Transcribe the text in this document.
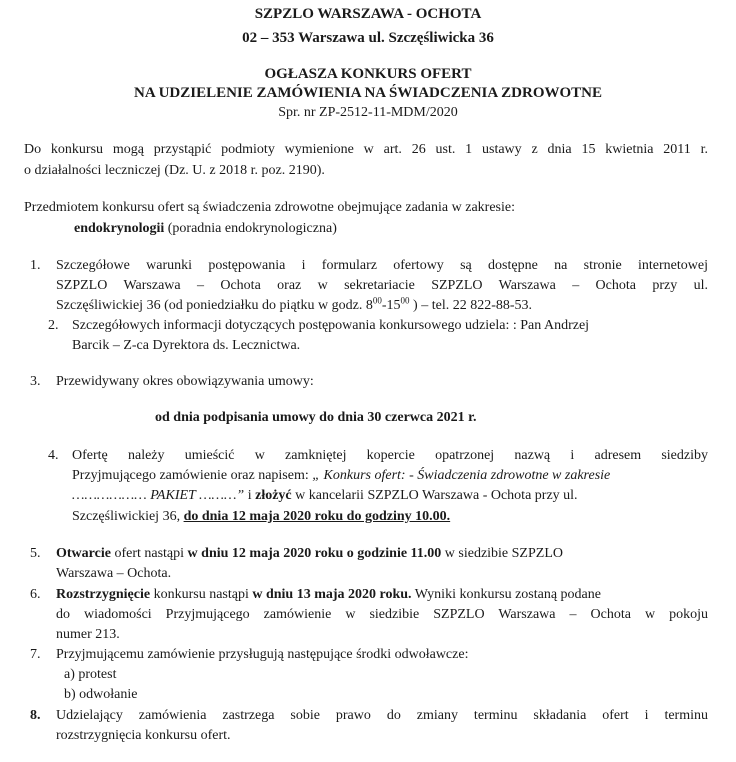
SZPZLO WARSZAWA - OCHOTA
02 – 353 Warszawa ul. Szczęśliwicka 36
OGŁASZA KONKURS OFERT
NA UDZIELENIE ZAMÓWIENIA NA ŚWIADCZENIA ZDROWOTNE
Spr. nr ZP-2512-11-MDM/2020
Do konkursu mogą przystąpić podmioty wymienione w art. 26 ust. 1 ustawy z dnia 15 kwietnia 2011 r.
o działalności leczniczej (Dz. U. z 2018 r. poz. 2190).
Przedmiotem konkursu ofert są świadczenia zdrowotne obejmujące zadania w zakresie:
endokrynologii (poradnia endokrynologiczna)
1. Szczegółowe warunki postępowania i formularz ofertowy są dostępne na stronie internetowej
SZPZLO Warszawa – Ochota oraz w sekretariacie SZPZLO Warszawa – Ochota przy ul.
Szczęśliwickiej 36 (od poniedziałku do piątku w godz. $8^{00}-15^{00}$ ) – tel. 22 822-88-53.
2. Szczegółowych informacji dotyczących postępowania konkursowego udziela: : Pan Andrzej
Barcik – Z-ca Dyrektora ds. Lecznictwa.
3. Przewidywany okres obowiązywania umowy:
od dnia podpisania umowy do dnia 30 czerwca 2021 r.
4. Ofertę należy umieścić w zamkniętej kopercie opatrzonej nazwą i adresem siedziby
Przyjmującego zamówienie oraz napisem: „ Konkurs ofert: - Świadczenia zdrowotne w zakresie
……………… PAKIET ………” i złożyć w kancelarii SZPZLO Warszawa - Ochota przy ul.
Szczęśliwickiej 36, do dnia 12 maja 2020 roku do godziny 10.00.
5. Otwarcie ofert nastąpi w dniu 12 maja 2020 roku o godzinie 11.00 w siedzibie SZPZLO
Warszawa – Ochota.
6. Rozstrzygnięcie konkursu nastąpi w dniu 13 maja 2020 roku. Wyniki konkursu zostaną podane
do wiadomości Przyjmującego zamówienie w siedzibie SZPZLO Warszawa – Ochota w pokoju
numer 213.
7. Przyjmującemu zamówienie przysługują następujące środki odwoławcze:
a) protest
b) odwołanie
8. Udzielający zamówienia zastrzega sobie prawo do zmiany terminu składania ofert i terminu
rozstrzygnięcia konkursu ofert.
